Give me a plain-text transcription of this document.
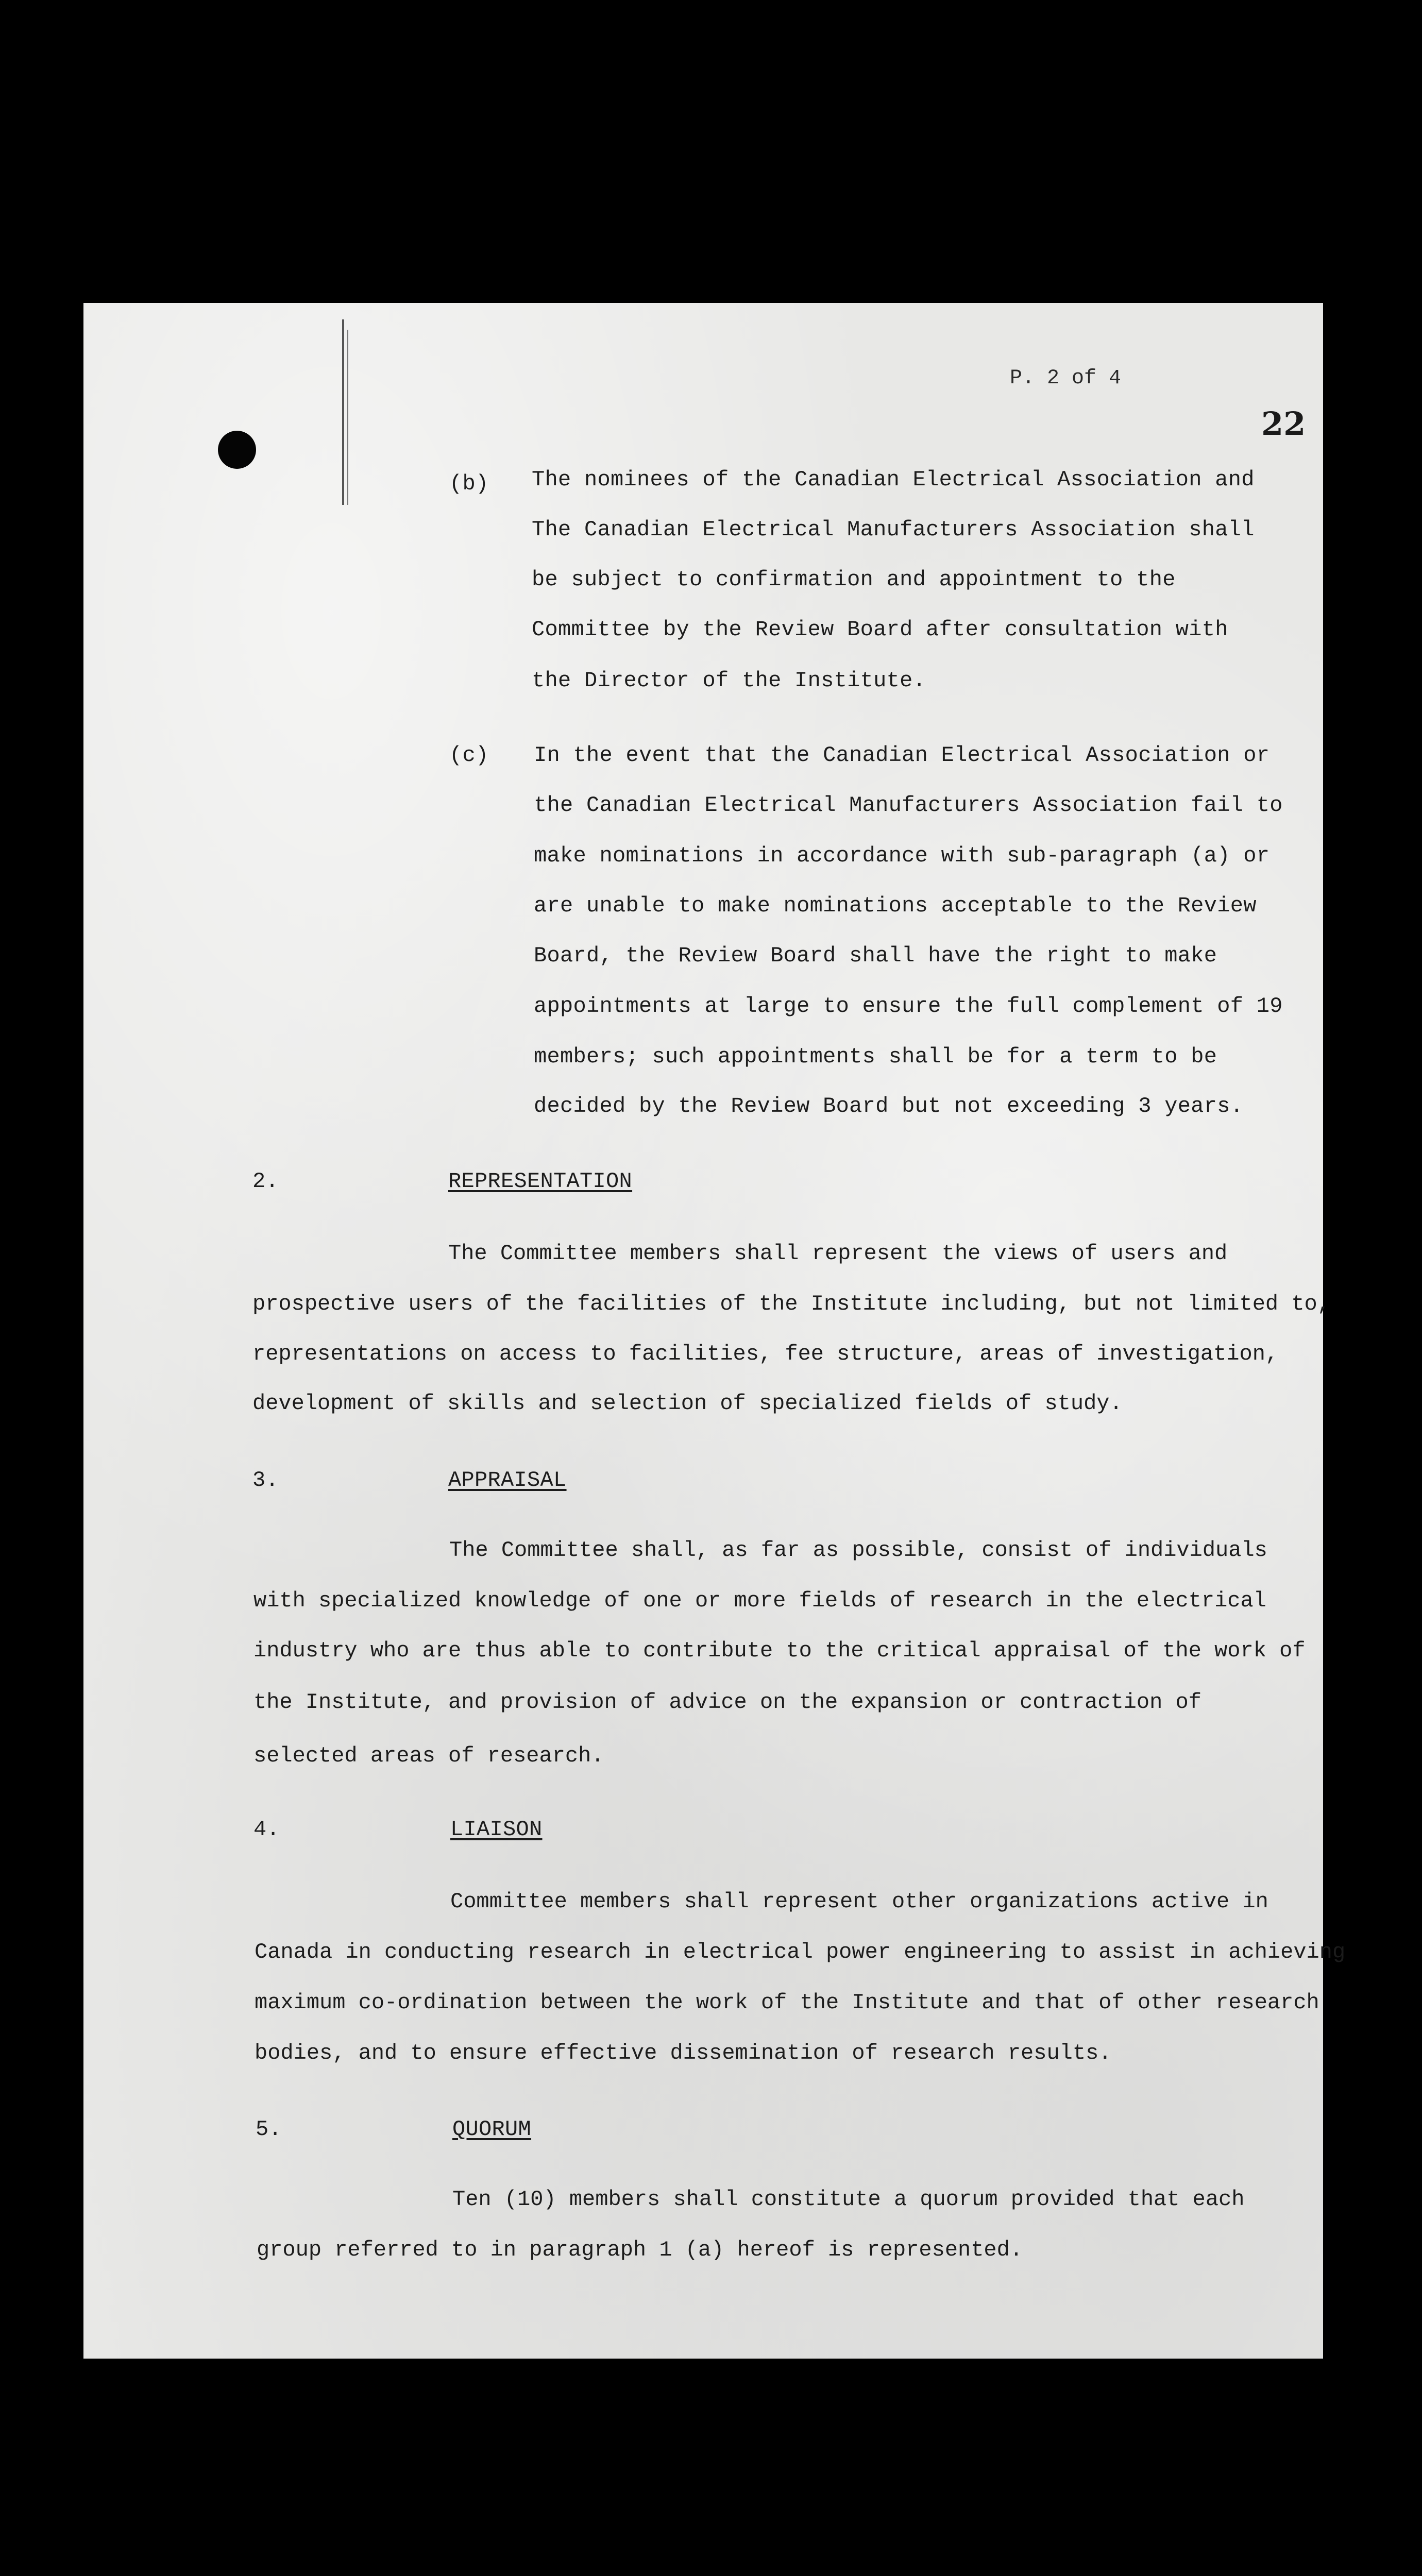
P. 2 of 4
22
(b) The nominees of the Canadian Electrical Association and
The Canadian Electrical Manufacturers Association shall
be subject to confirmation and appointment to the
Committee by the Review Board after consultation with
the Director of the Institute.
(c) In the event that the Canadian Electrical Association or
the Canadian Electrical Manufacturers Association fail to
make nominations in accordance with sub-paragraph (a) or
are unable to make nominations acceptable to the Review
Board, the Review Board shall have the right to make
appointments at large to ensure the full complement of 19
members; such appointments shall be for a term to be
decided by the Review Board but not exceeding 3 years.
2.	REPRESENTATION
The Committee members shall represent the views of users and
prospective users of the facilities of the Institute including, but not limited to,
representations on access to facilities, fee structure, areas of investigation,
development of skills and selection of specialized fields of study.
3.	APPRAISAL
The Committee shall, as far as possible, consist of individuals
with specialized knowledge of one or more fields of research in the electrical
industry who are thus able to contribute to the critical appraisal of the work of
the Institute, and provision of advice on the expansion or contraction of
selected areas of research.
4.	LIAISON
Committee members shall represent other organizations active in
Canada in conducting research in electrical power engineering to assist in achieving
maximum co-ordination between the work of the Institute and that of other research
bodies, and to ensure effective dissemination of research results.
5.	QUORUM
Ten (10) members shall constitute a quorum provided that each
group referred to in paragraph 1 (a) hereof is represented.
